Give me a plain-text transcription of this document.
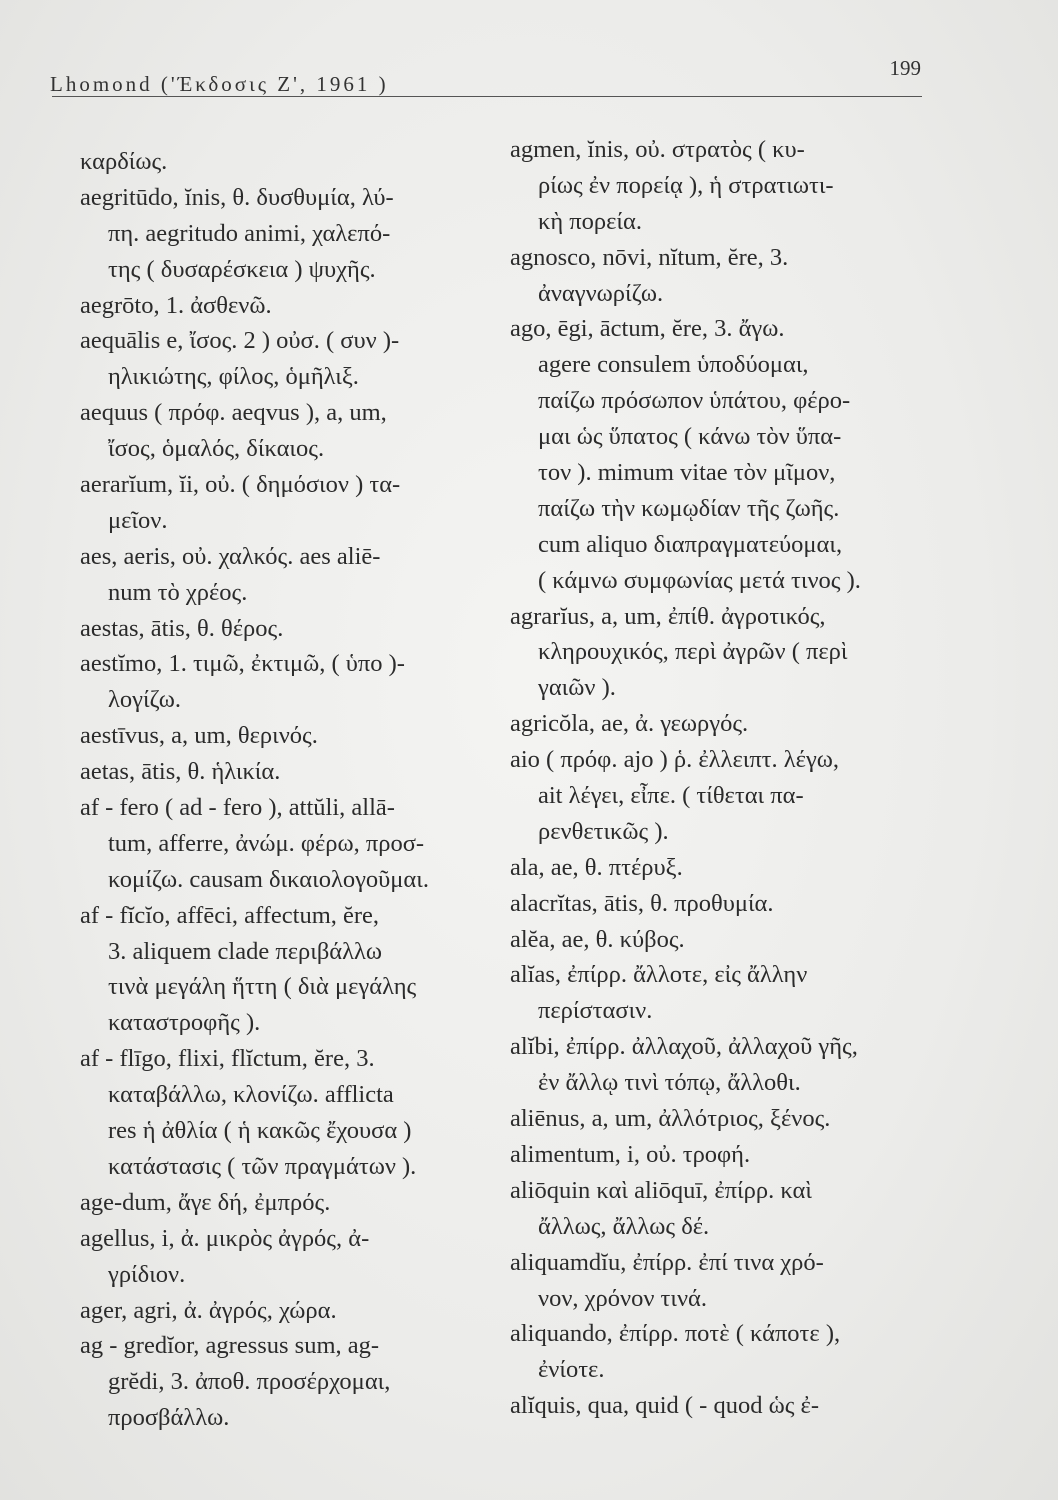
Lhomond ('Έκδοσις Ζ', 1961 )
199
καρδίως.
aegritūdo, ĭnis, θ. δυσθυμία, λύ-
πη. aegritudo animi, χαλεπό-
της ( δυσαρέσκεια ) ψυχῆς.
aegrōto, 1. ἀσθενῶ.
aequālis e, ἴσος. 2 ) οὐσ. ( συν )-
ηλικιώτης, φίλος, ὁμῆλιξ.
aequus ( πρόφ. aeqvus ), a, um,
ἴσος, ὁμαλός, δίκαιος.
aerarĭum, ĭi, οὐ. ( δημόσιον ) τα-
μεῖον.
aes, aeris, οὐ. χαλκός. aes aliē-
num τὸ χρέος.
aestas, ātis, θ. θέρος.
aestĭmo, 1. τιμῶ, ἐκτιμῶ, ( ὑπο )-
λογίζω.
aestīvus, a, um, θερινός.
aetas, ātis, θ. ἡλικία.
af - fero ( ad - fero ), attŭli, allā-
tum, afferre, ἀνώμ. φέρω, προσ-
κομίζω. causam δικαιολογοῦμαι.
af - fĭcĭo, affēci, affectum, ĕre,
3. aliquem clade περιβάλλω
τινὰ μεγάλη ἥττη ( διὰ μεγάλης
καταστροφῆς ).
af - flīgo, flixi, flĭctum, ĕre, 3.
καταβάλλω, κλονίζω. afflicta
res ἡ ἀθλία ( ἡ κακῶς ἔχουσα )
κατάστασις ( τῶν πραγμάτων ).
age-dum, ἄγε δή, ἐμπρός.
agellus, i, ἀ. μικρὸς ἀγρός, ἀ-
γρίδιον.
ager, agri, ἀ. ἀγρός, χώρα.
ag - gredĭor, agressus sum, ag-
grĕdi, 3. ἀποθ. προσέρχομαι,
προσβάλλω.
agmen, ĭnis, οὐ. στρατὸς ( κυ-
ρίως ἐν πορείᾳ ), ἡ στρατιωτι-
κὴ πορεία.
agnosco, nōvi, nĭtum, ĕre, 3.
ἀναγνωρίζω.
ago, ēgi, āctum, ĕre, 3. ἄγω.
agere consulem ὑποδύομαι,
παίζω πρόσωπον ὑπάτου, φέρο-
μαι ὡς ὕπατος ( κάνω τὸν ὕπα-
τον ). mimum vitae τὸν μῖμον,
παίζω τὴν κωμῳδίαν τῆς ζωῆς.
cum aliquo διαπραγματεύομαι,
( κάμνω συμφωνίας μετά τινος ).
agrarĭus, a, um, ἐπίθ. ἀγροτικός,
κληρουχικός, περὶ ἀγρῶν ( περὶ
γαιῶν ).
agricŏla, ae, ἀ. γεωργός.
aio ( πρόφ. ajo ) ῥ. ἐλλειπτ. λέγω,
ait λέγει, εἶπε. ( τίθεται πα-
ρενθετικῶς ).
ala, ae, θ. πτέρυξ.
alacrĭtas, ātis, θ. προθυμία.
alĕa, ae, θ. κύβος.
alĭas, ἐπίρρ. ἄλλοτε, εἰς ἄλλην
περίστασιν.
alĭbi, ἐπίρρ. ἀλλαχοῦ, ἀλλαχοῦ γῆς,
ἐν ἄλλῳ τινὶ τόπῳ, ἄλλοθι.
aliēnus, a, um, ἀλλότριος, ξένος.
alimentum, i, οὐ. τροφή.
aliōquin καὶ aliōquī, ἐπίρρ. καὶ
ἄλλως, ἄλλως δέ.
aliquamdĭu, ἐπίρρ. ἐπί τινα χρό-
νον, χρόνον τινά.
aliquando, ἐπίρρ. ποτὲ ( κάποτε ),
ἐνίοτε.
alĭquis, qua, quid ( - quod ὡς ἐ-
